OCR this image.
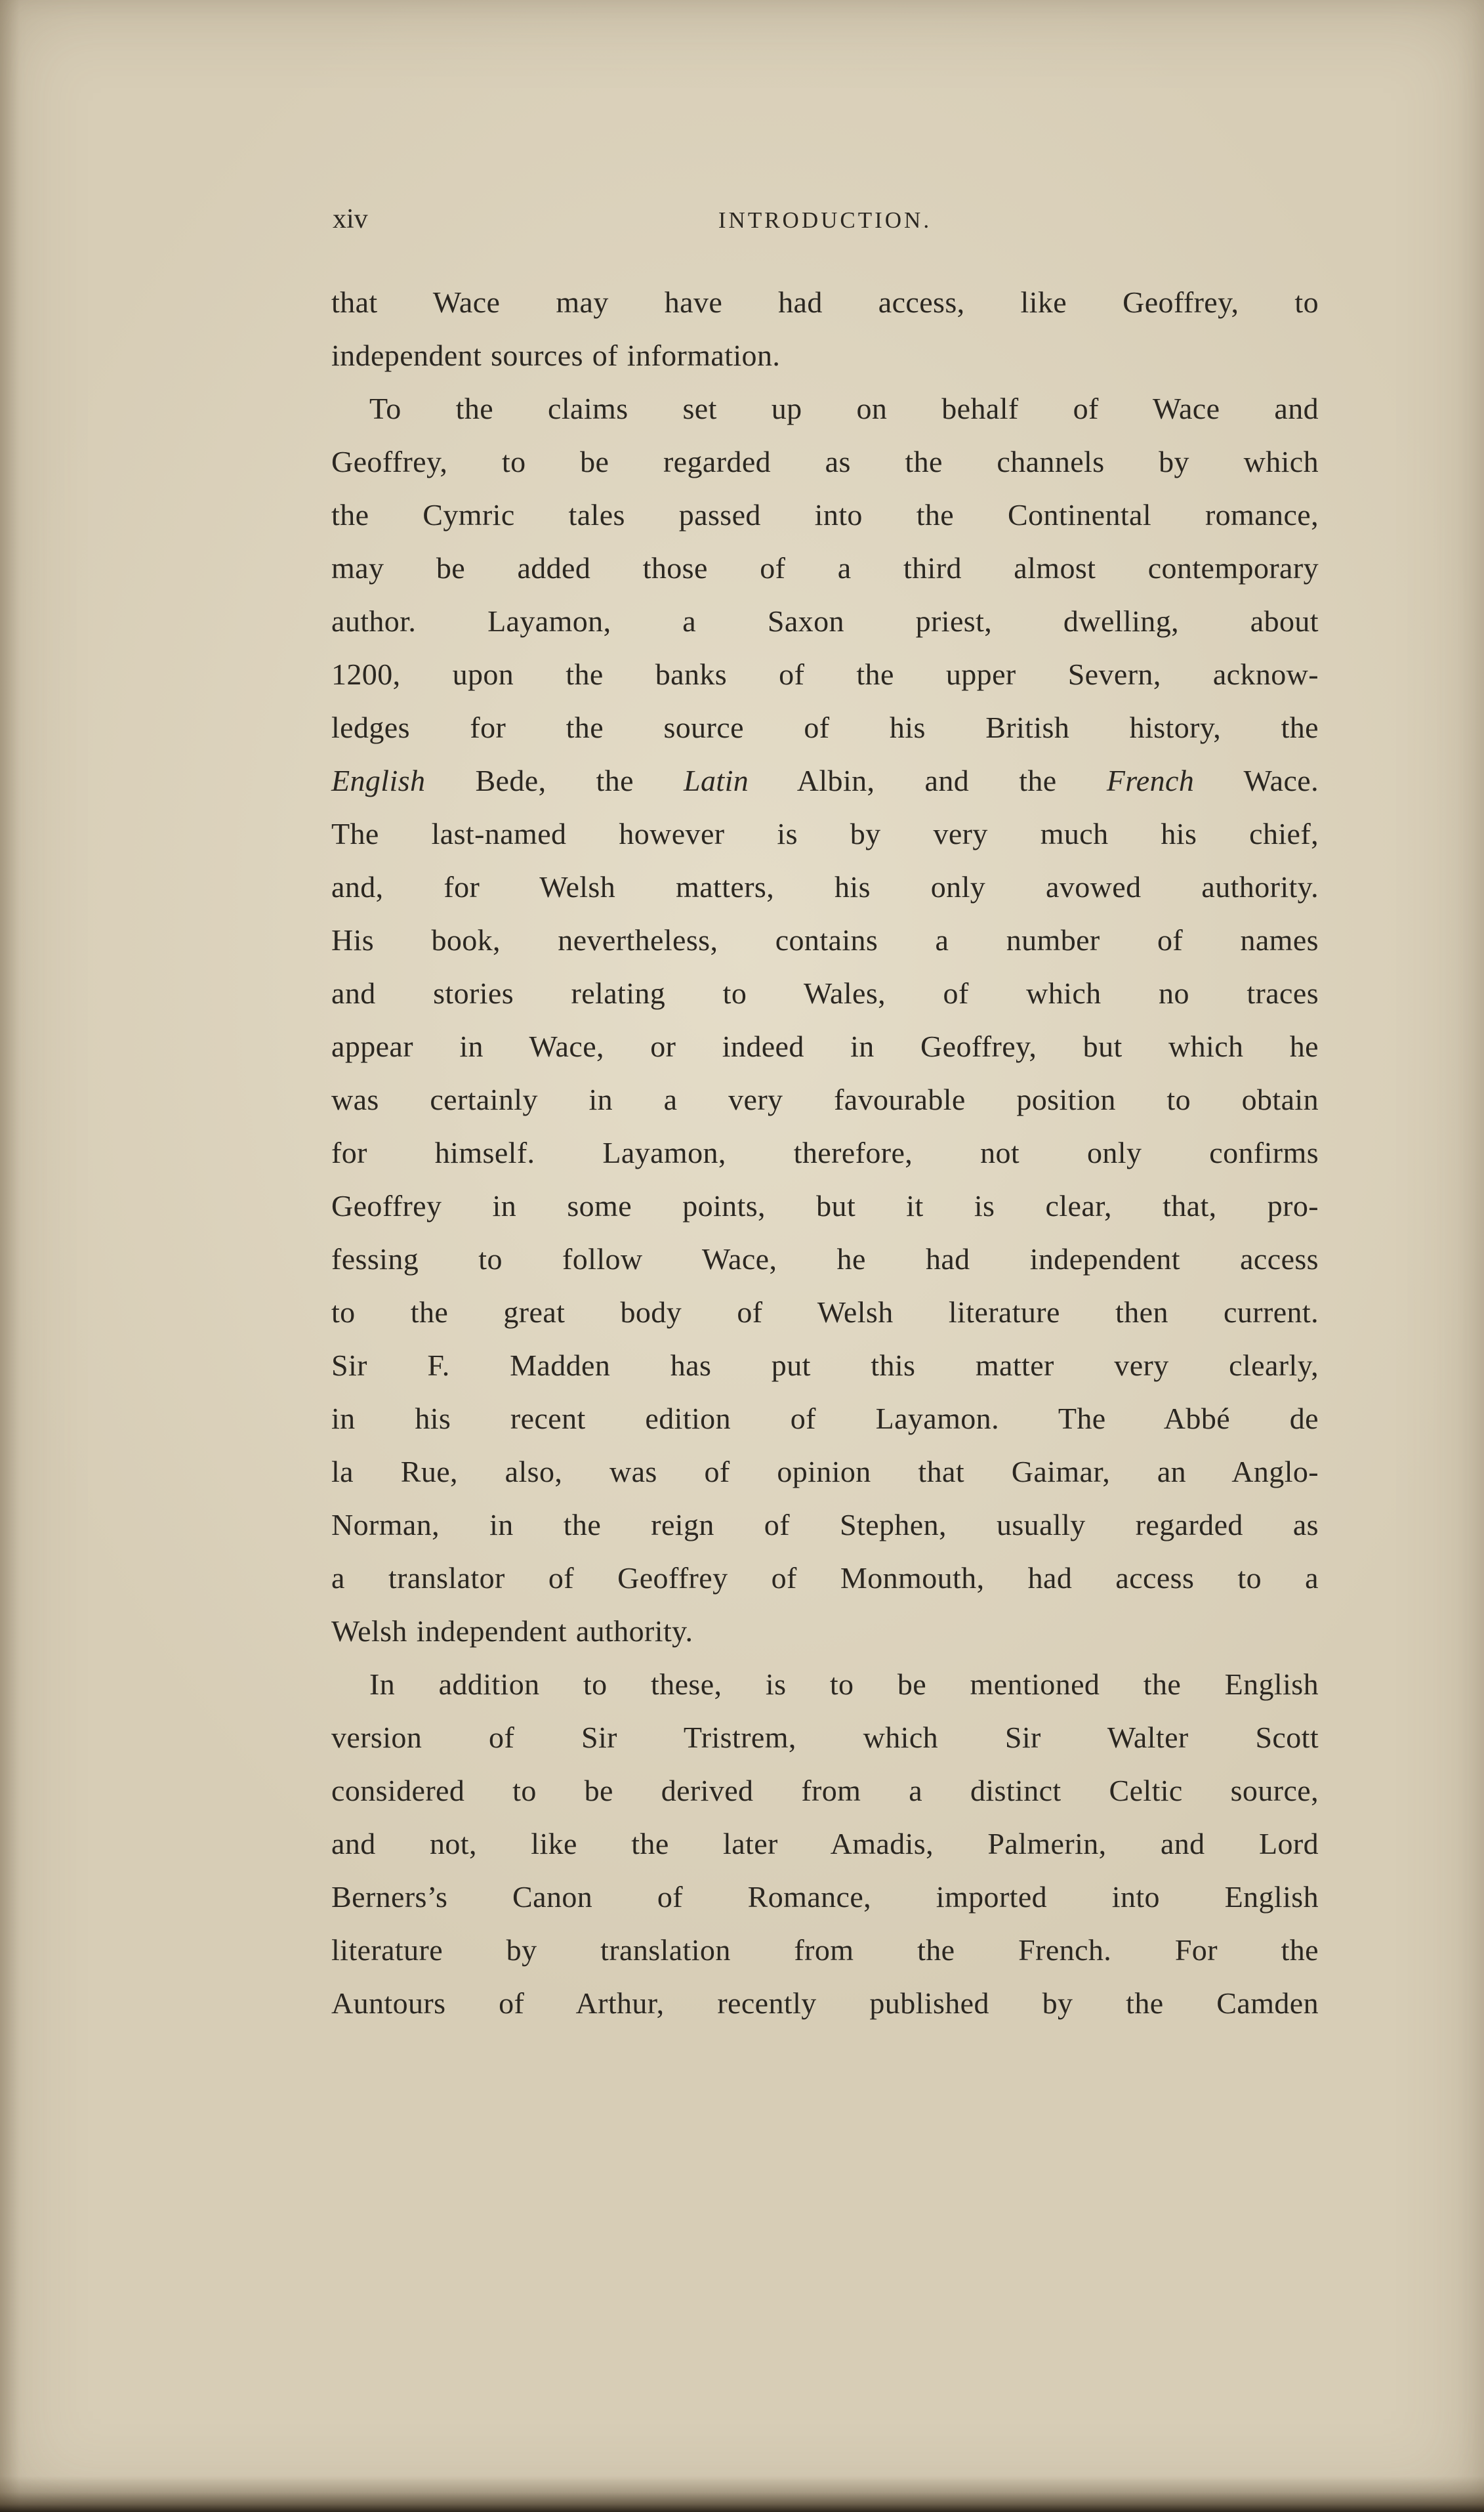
xiv	INTRODUCTION.
that Wace may have had access, like Geoffrey, to
independent sources of information.
To the claims set up on behalf of Wace and
Geoffrey, to be regarded as the channels by which
the Cymric tales passed into the Continental romance,
may be added those of a third almost contemporary
author. Layamon, a Saxon priest, dwelling, about
1200, upon the banks of the upper Severn, acknow-
ledges for the source of his British history, the
English Bede, the Latin Albin, and the French Wace.
The last-named however is by very much his chief,
and, for Welsh matters, his only avowed authority.
His book, nevertheless, contains a number of names
and stories relating to Wales, of which no traces
appear in Wace, or indeed in Geoffrey, but which he
was certainly in a very favourable position to obtain
for himself. Layamon, therefore, not only confirms
Geoffrey in some points, but it is clear, that, pro-
fessing to follow Wace, he had independent access
to the great body of Welsh literature then current.
Sir F. Madden has put this matter very clearly,
in his recent edition of Layamon. The Abbé de
la Rue, also, was of opinion that Gaimar, an Anglo-
Norman, in the reign of Stephen, usually regarded as
a translator of Geoffrey of Monmouth, had access to a
Welsh independent authority.
In addition to these, is to be mentioned the English
version of Sir Tristrem, which Sir Walter Scott
considered to be derived from a distinct Celtic source,
and not, like the later Amadis, Palmerin, and Lord
Berners’s Canon of Romance, imported into English
literature by translation from the French. For the
Auntours of Arthur, recently published by the Camden
